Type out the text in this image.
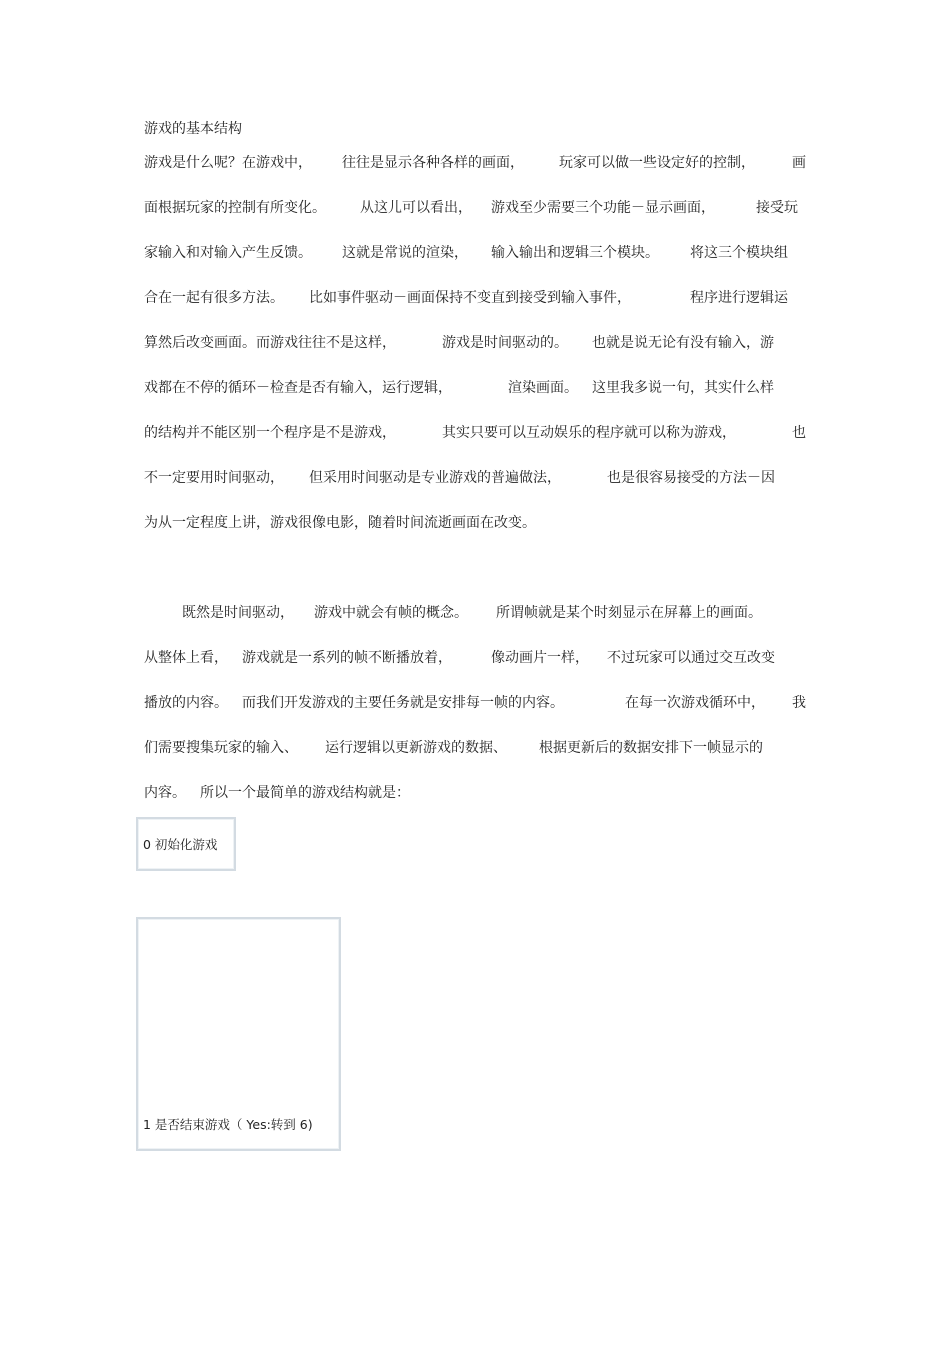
游戏的基本结构
游戏是什么呢？在游戏中， 往往是显示各种各样的画面，	玩家可以做一些设定好的控制，	画
面根据玩家的控制有所变化。 从这儿可以看出， 游戏至少需要三个功能－显示画面，	接受玩
家输入和对输入产生反馈。 这就是常说的渲染， 输入输出和逻辑三个模块。 将这三个模块组
合在一起有很多方法。 比如事件驱动－画面保持不变直到接受到输入事件，	程序进行逻辑运
算然后改变画面。而游戏往往不是这样，	游戏是时间驱动的。 也就是说无论有没有输入，游
戏都在不停的循环－检查是否有输入，运行逻辑，	渲染画面。 这里我多说一句，其实什么样
的结构并不能区别一个程序是不是游戏，	其实只要可以互动娱乐的程序就可以称为游戏，	也
不一定要用时间驱动， 但采用时间驱动是专业游戏的普遍做法，	也是很容易接受的方法－因
为从一定程度上讲，游戏很像电影，随着时间流逝画面在改变。
既然是时间驱动， 游戏中就会有帧的概念。 所谓帧就是某个时刻显示在屏幕上的画面。
从整体上看， 游戏就是一系列的帧不断播放着，	像动画片一样， 不过玩家可以通过交互改变
播放的内容。 而我们开发游戏的主要任务就是安排每一帧的内容。	在每一次游戏循环中， 我
们需要搜集玩家的输入、 运行逻辑以更新游戏的数据、 根据更新后的数据安排下一帧显示的
内容。 所以一个最简单的游戏结构就是：
0 初始化游戏
1 是否结束游戏（ Yes:转到 6)
